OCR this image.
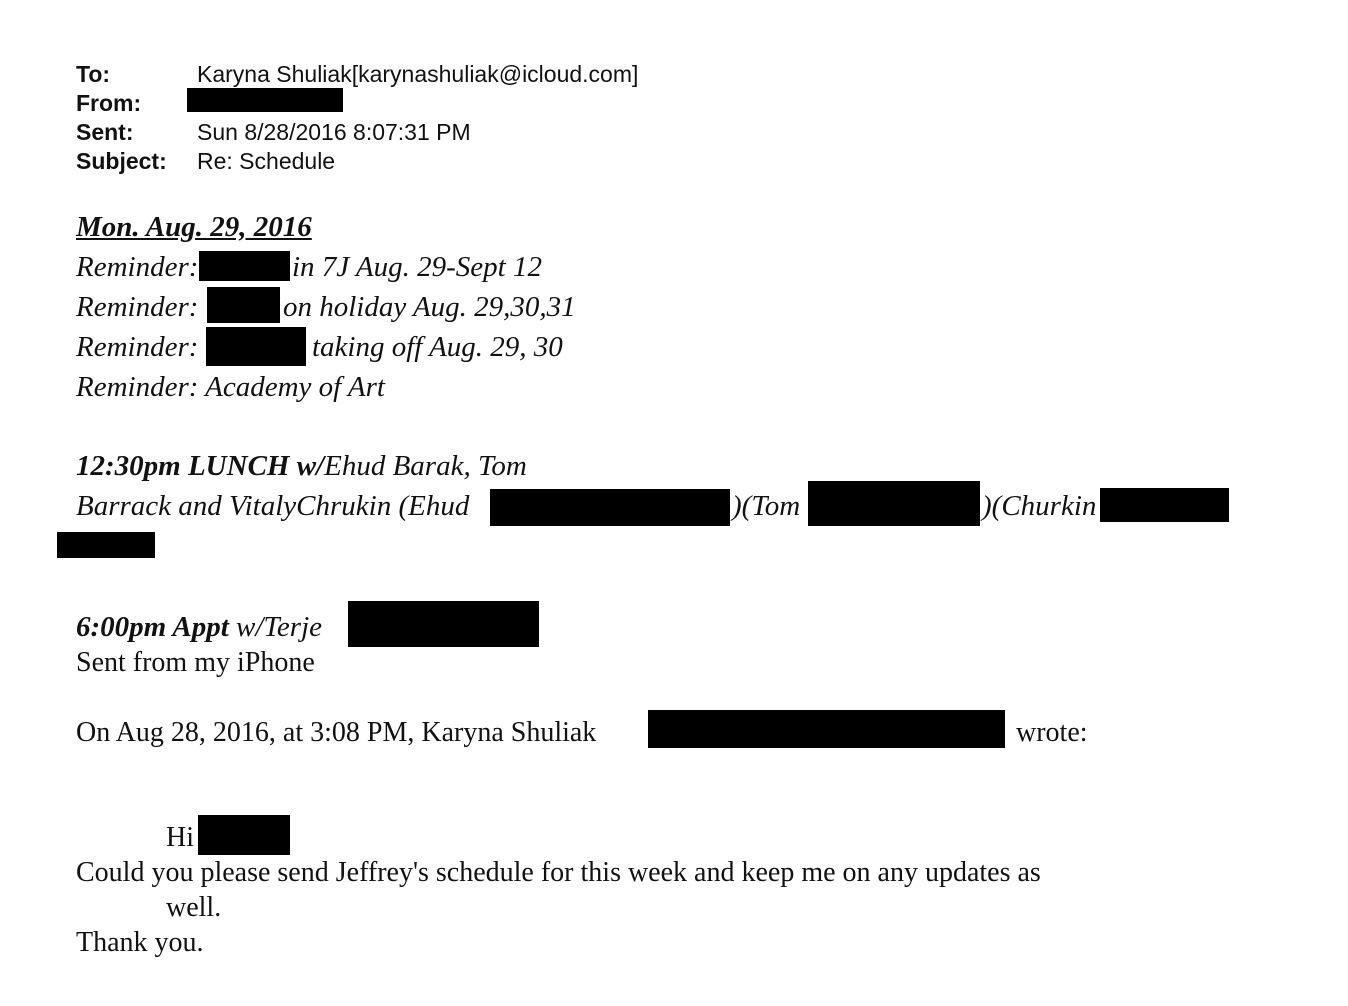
To:	Karyna Shuliak[karynashuliak@icloud.com]
From:
Sent:	Sun 8/28/2016 8:07:31 PM
Subject: Re: Schedule
Mon. Aug. 29, 2016
Reminder:	in 7J Aug. 29-Sept 12
Reminder:	on holiday Aug. 29,30,31
Reminder:	taking off Aug. 29, 30
Reminder: Academy of Art
12:30pm LUNCH w/Ehud Barak, Tom
Barrack and VitalyChrukin (Ehud	)(Tom	)(Churkin
6:00pm Appt w/Terje
Sent from my iPhone
On Aug 28, 2016, at 3:08 PM, Karyna Shuliak	wrote:
Hi
Could you please send Jeffrey's schedule for this week and keep me on any updates as
well.
Thank you.
